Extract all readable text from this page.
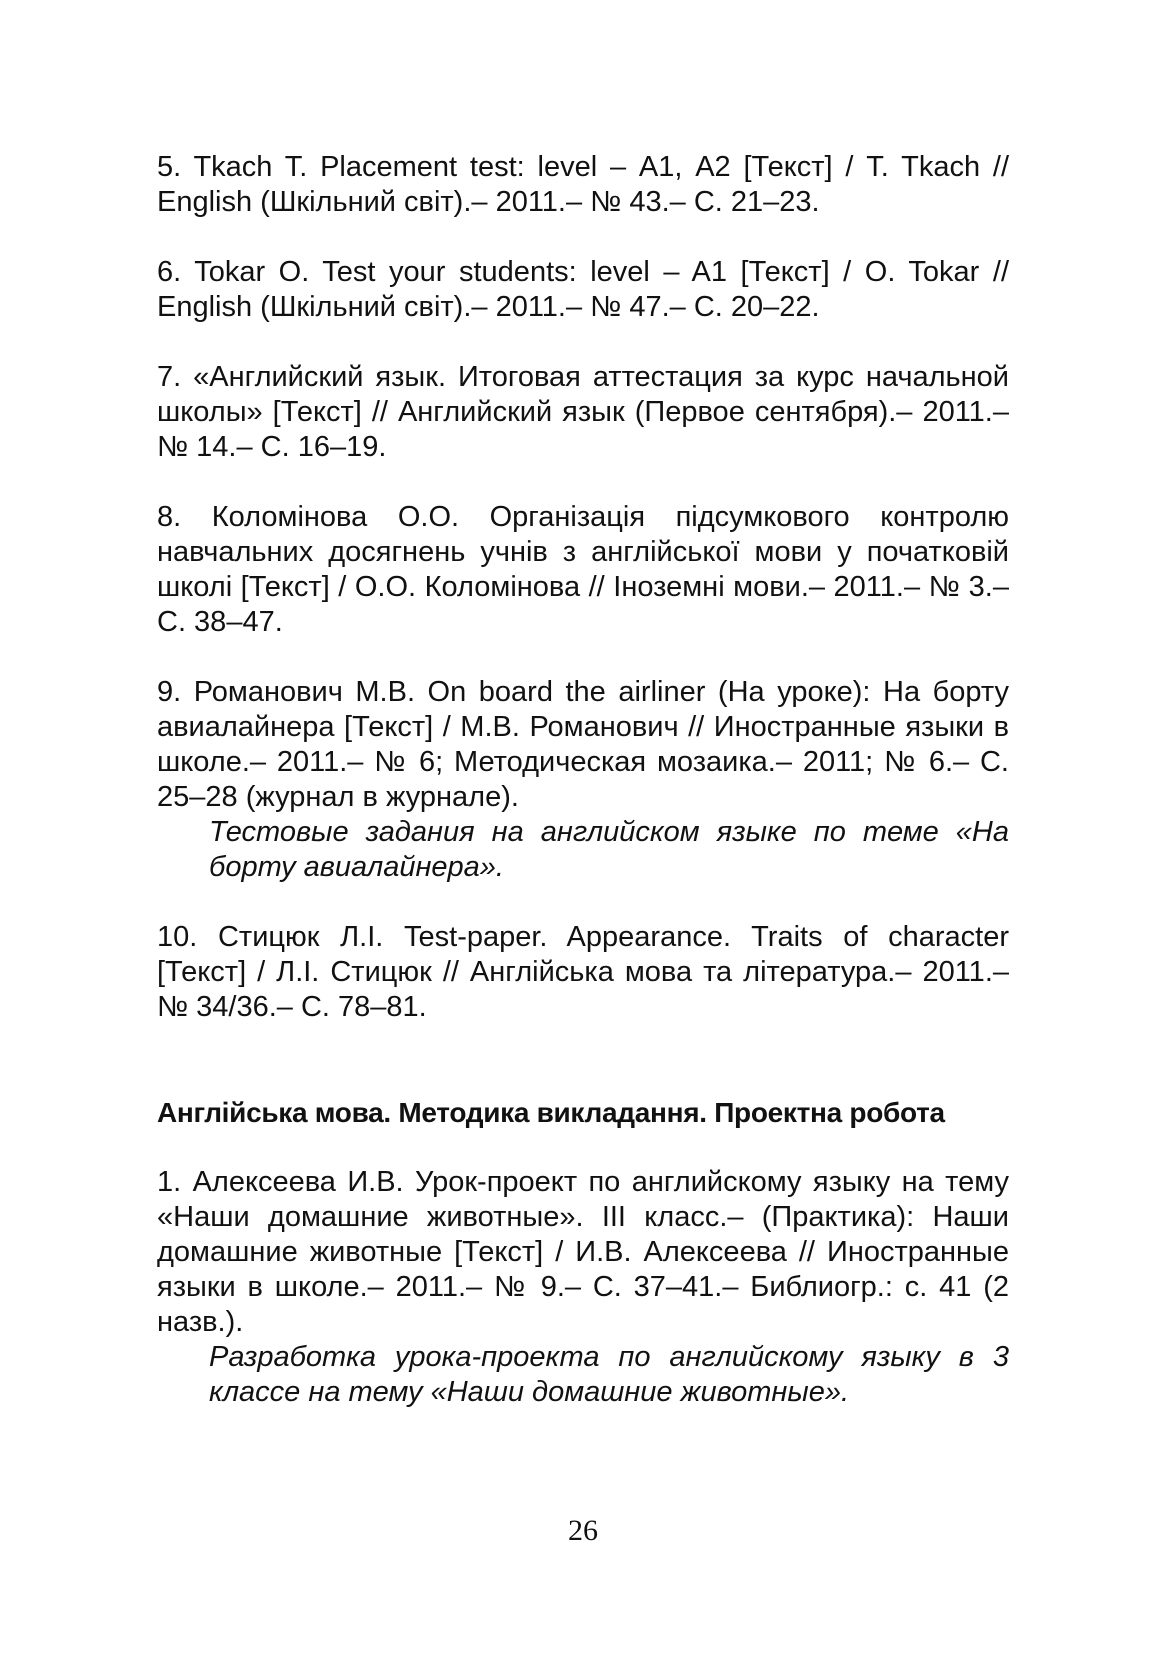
5. Tkach T. Placement test: level – А1, А2 [Текст] / T. Tkach // English (Шкільний світ).– 2011.– № 43.– С. 21–23.
6. Tokar O. Test your students: level – A1 [Текст] / O. Tokar // English (Шкільний світ).– 2011.– № 47.– С. 20–22.
7. «Английский язык. Итоговая аттестация за курс начальной школы» [Текст] // Английский язык (Первое сентября).– 2011.– № 14.– С. 16–19.
8. Коломінова О.О. Організація підсумкового контролю навчальних досягнень учнів з англійської мови у початковій школі [Текст] / О.О. Коломінова // Іноземні мови.– 2011.– № 3.– С. 38–47.
9. Романович М.В. On board the airliner (На уроке): На борту авиалайнера [Текст] / М.В. Романович // Иностранные языки в школе.– 2011.– № 6; Методическая мозаика.– 2011; № 6.– С. 25–28 (журнал в журнале).
Тестовые задания на английском языке по теме «На борту авиалайнера».
10. Стицюк Л.І. Test-paper. Appearance. Traits of character [Текст] / Л.І. Стицюк // Англійська мова та література.– 2011.– № 34/36.– С. 78–81.
Англійська мова. Методика викладання. Проектна робота
1. Алексеева И.В. Урок-проект по английскому языку на тему «Наши домашние животные». III класс.– (Практика): Наши домашние животные [Текст] / И.В. Алексеева // Иностранные языки в школе.– 2011.– № 9.– С. 37–41.– Библиогр.: с. 41 (2 назв.).
Разработка урока-проекта по английскому языку в 3 классе на тему «Наши домашние животные».
26
